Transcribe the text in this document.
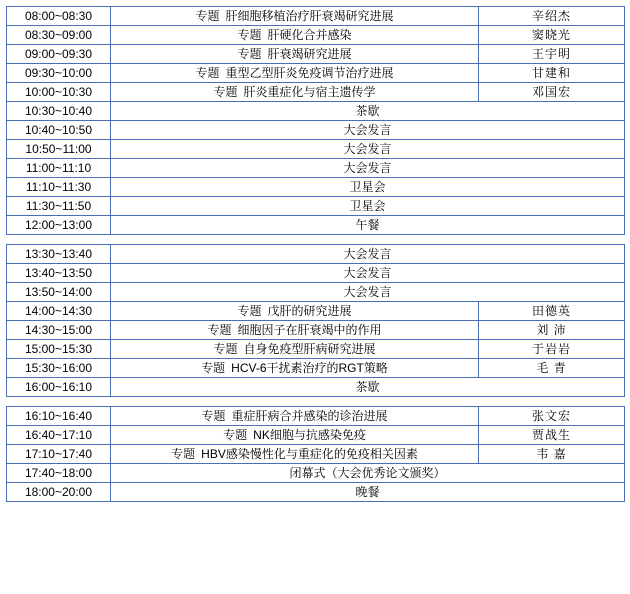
08:00~08:30	专题 肝细胞移植治疗肝衰竭研究进展	辛绍杰
08:30~09:00	专题 肝硬化合并感染	窦晓光
09:00~09:30	专题 肝衰竭研究进展	王宇明
09:30~10:00	专题 重型乙型肝炎免疫调节治疗进展	甘建和
10:00~10:30	专题 肝炎重症化与宿主遗传学	邓国宏
10:30~10:40	茶歇	
10:40~10:50	大会发言	
10:50~11:00	大会发言	
11:00~11:10	大会发言	
11:10~11:30	卫星会	
11:30~11:50	卫星会	
12:00~13:00	午餐	

13:30~13:40	大会发言	
13:40~13:50	大会发言	
13:50~14:00	大会发言	
14:00~14:30	专题 戊肝的研究进展	田德英
14:30~15:00	专题 细胞因子在肝衰竭中的作用	刘 沛
15:00~15:30	专题 自身免疫型肝病研究进展	于岩岩
15:30~16:00	专题 HCV-6干扰素治疗的RGT策略	毛 青
16:00~16:10	茶歇	

16:10~16:40	专题 重症肝病合并感染的诊治进展	张文宏
16:40~17:10	专题 NK细胞与抗感染免疫	贾战生
17:10~17:40	专题 HBV感染慢性化与重症化的免疫相关因素	韦 嘉
17:40~18:00	闭幕式（大会优秀论文颁奖）	
18:00~20:00	晚餐	
